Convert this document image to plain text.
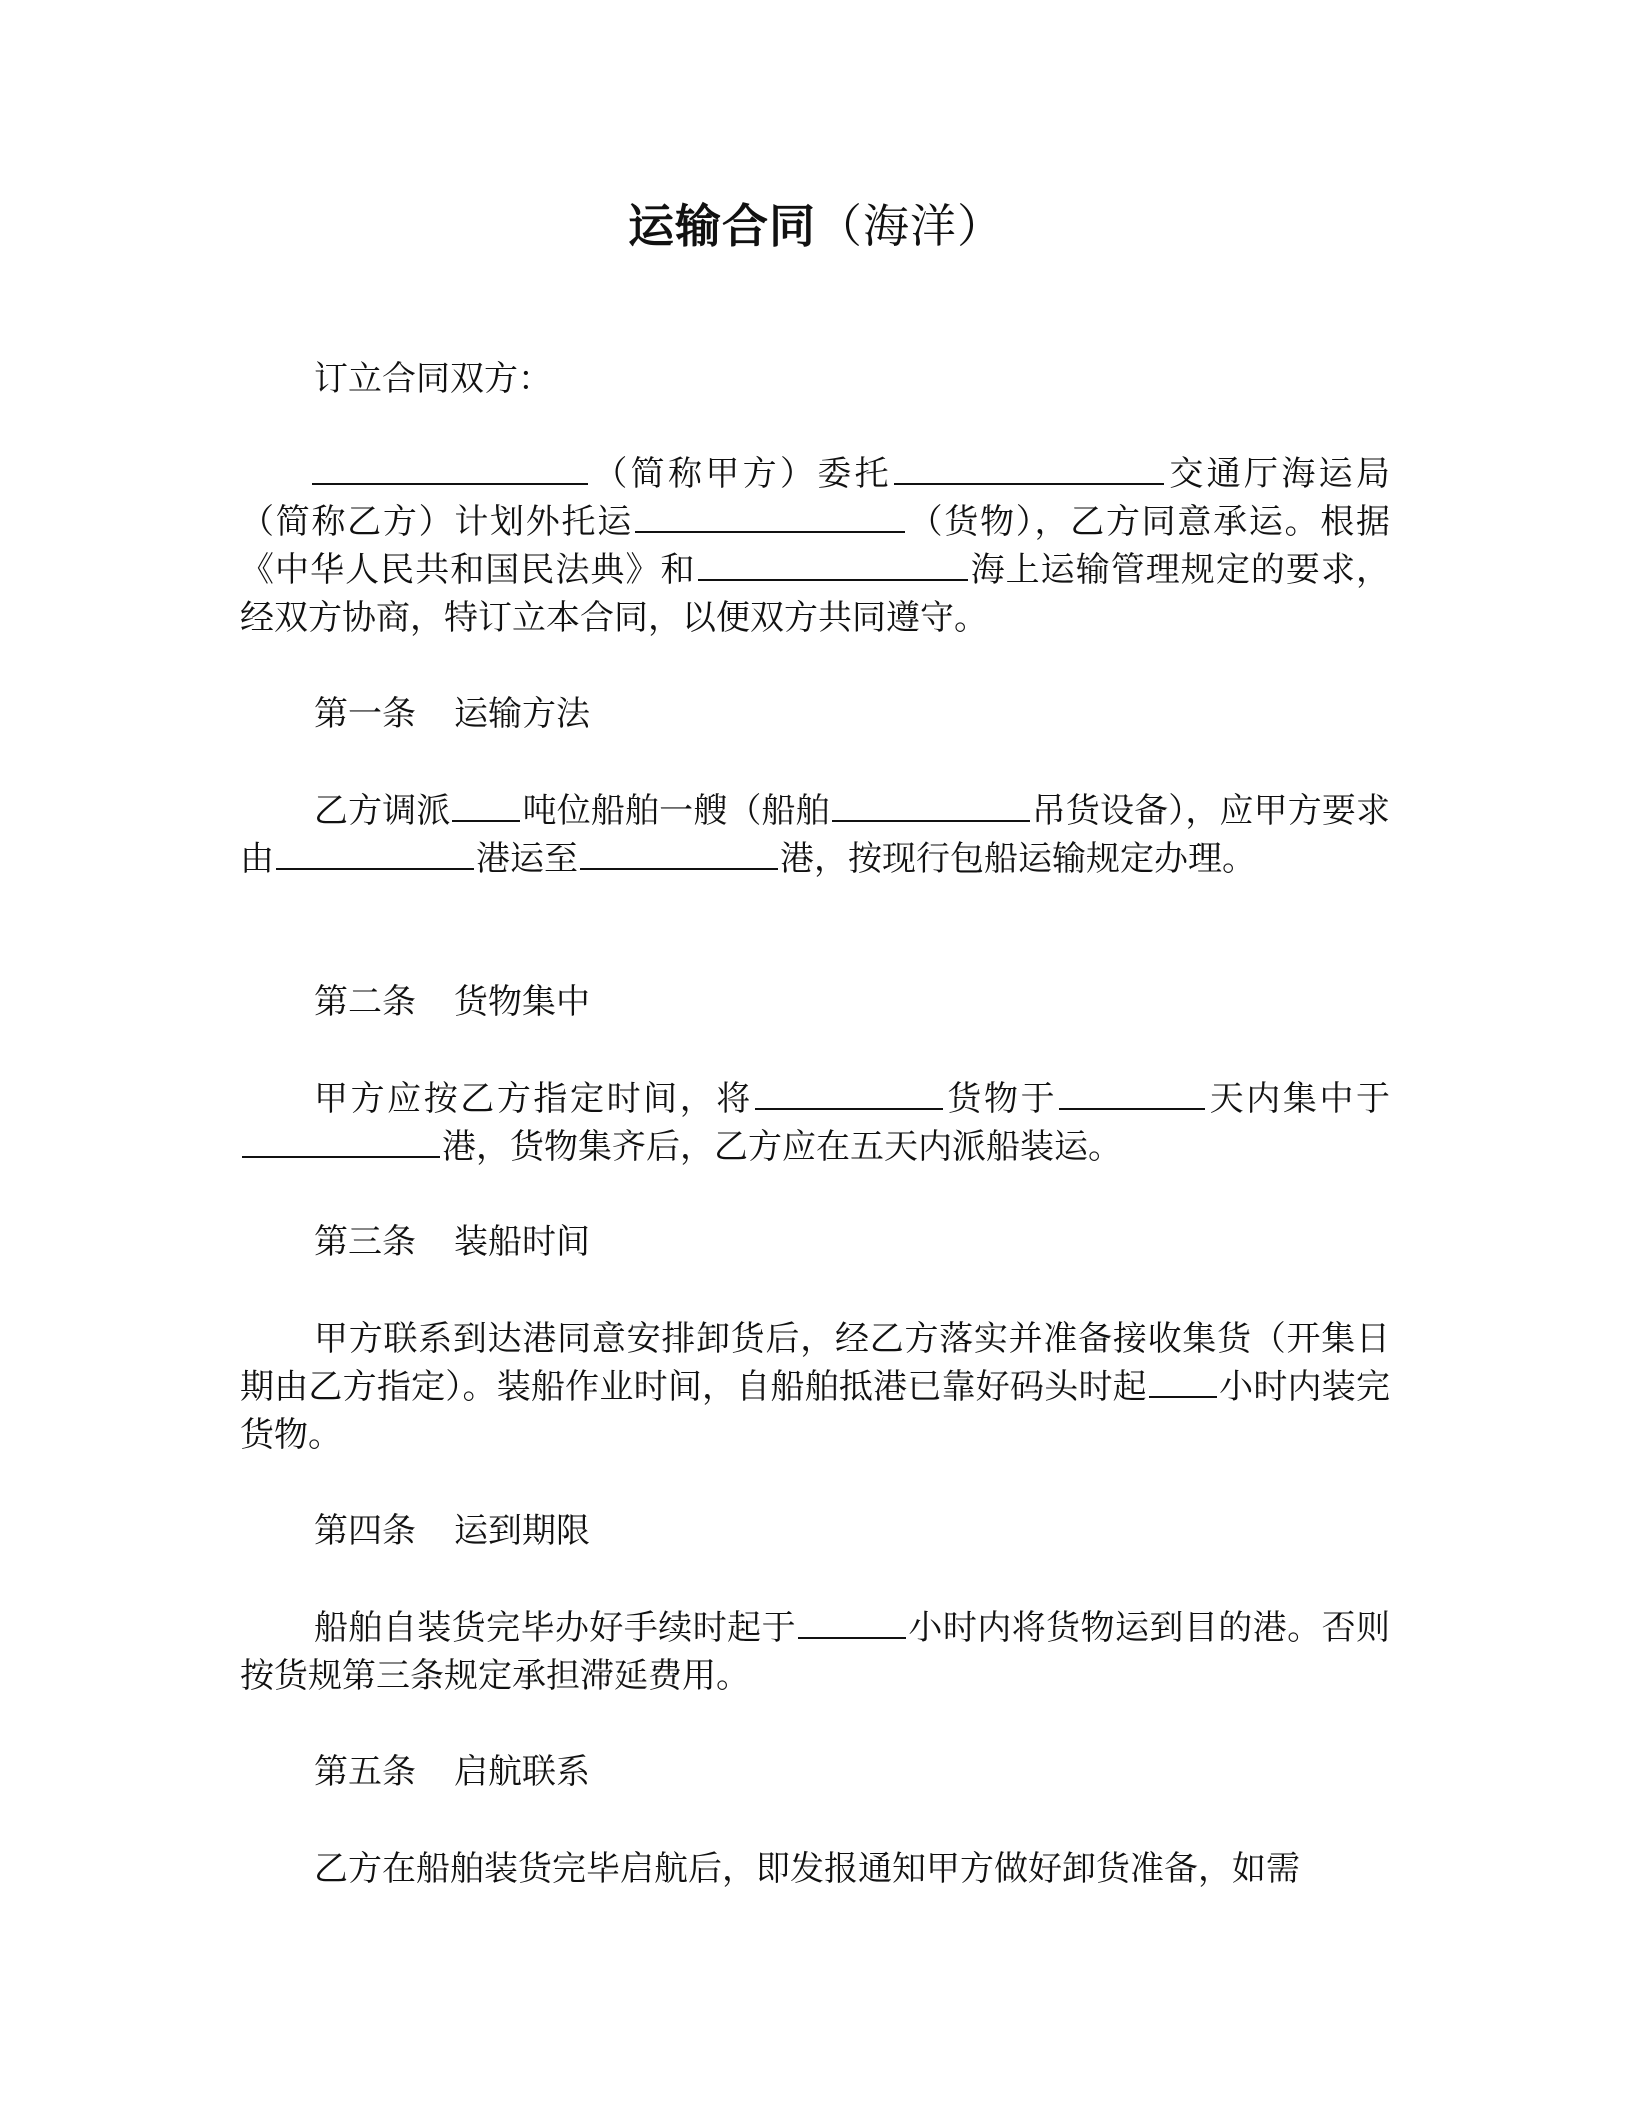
运输合同（海洋）

订立合同双方：

（简称甲方）委托	交通厅海运局（简称乙方）计划外托运	（货物），乙方同意承运。根据《中华人民共和国民法典》和	海上运输管理规定的要求，经双方协商，特订立本合同，以便双方共同遵守。

第一条 运输方法

乙方调派 吨位船舶一艘（船舶	吊货设备），应甲方要求由	港运至	港，按现行包船运输规定办理。

第二条 货物集中

甲方应按乙方指定时间，将	货物于	天内集中于港，货物集齐后，乙方应在五天内派船装运。

第三条 装船时间

甲方联系到达港同意安排卸货后，经乙方落实并准备接收集货（开集日期由乙方指定）。装船作业时间，自船舶抵港已靠好码头时起 小时内装完货物。

第四条 运到期限

船舶自装货完毕办好手续时起于	小时内将货物运到目的港。否则按货规第三条规定承担滞延费用。

第五条 启航联系

乙方在船舶装货完毕启航后，即发报通知甲方做好卸货准备，如需
